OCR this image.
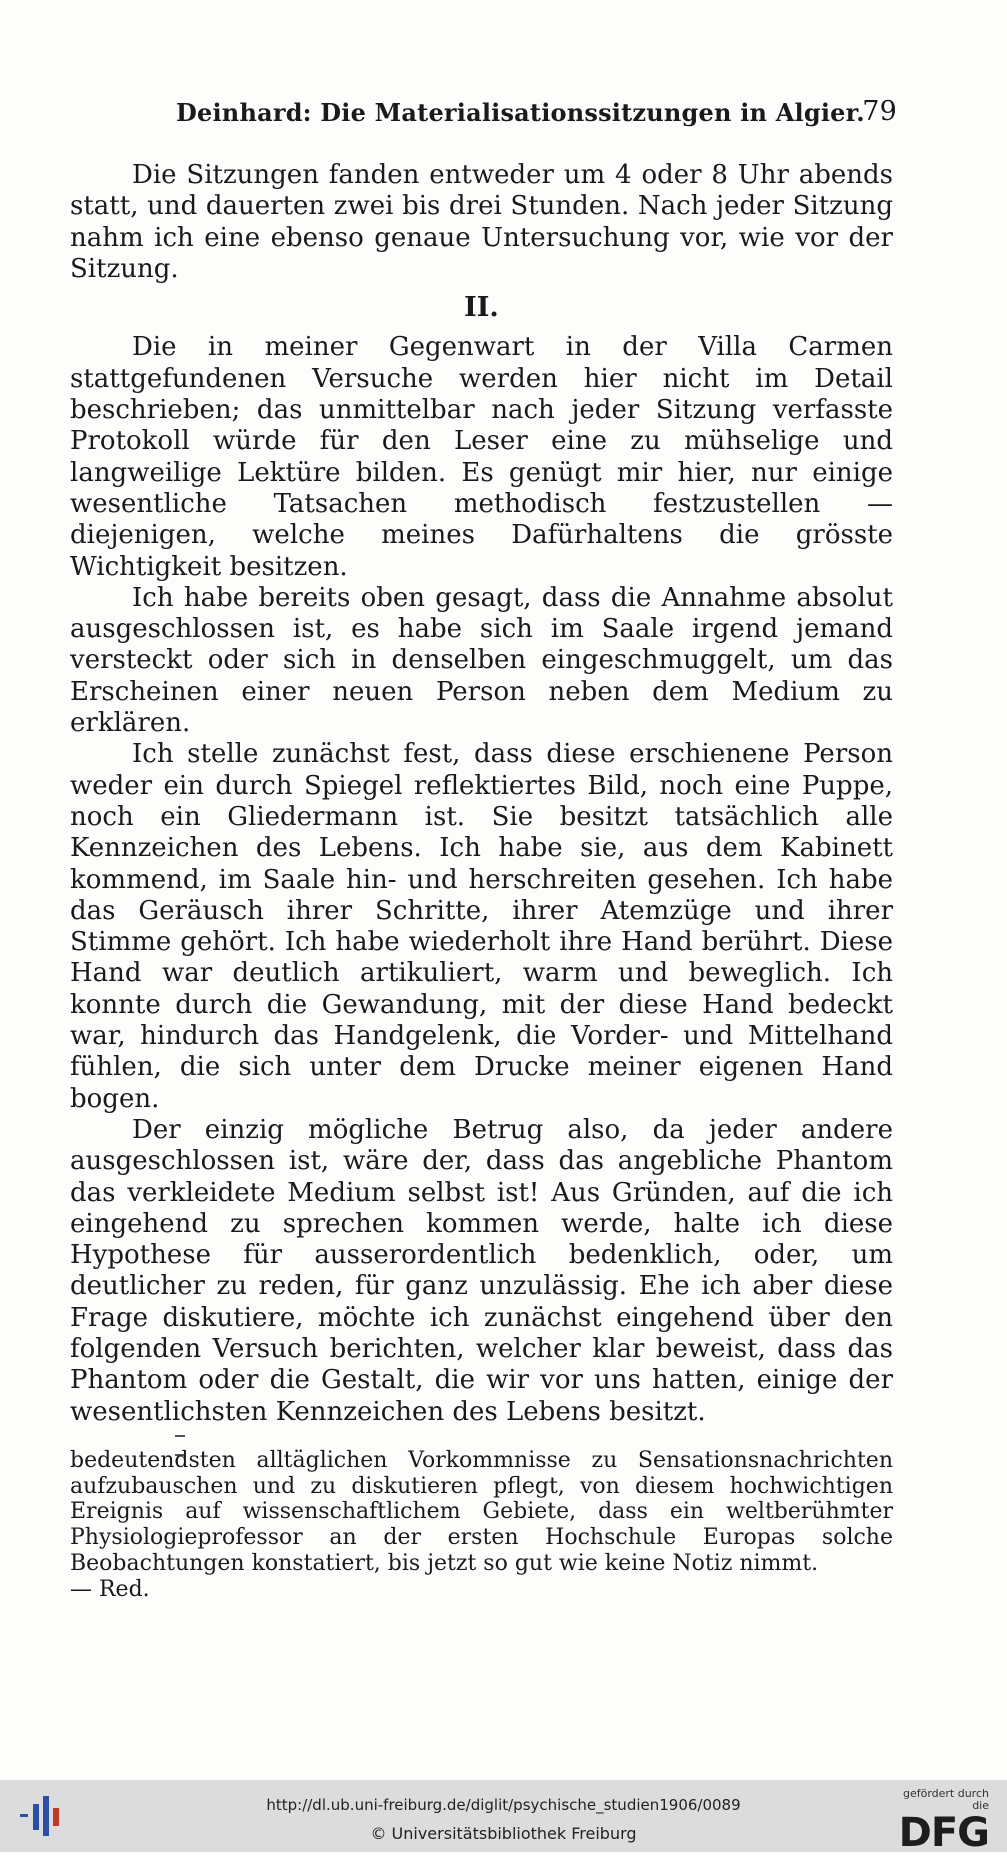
Deinhard: Die Materialisationssitzungen in Algier.
79

Die Sitzungen fanden entweder um 4 oder 8 Uhr abends statt, und dauerten zwei bis drei Stunden. Nach jeder Sitzung nahm ich eine ebenso genaue Untersuchung vor, wie vor der Sitzung.

II.

Die in meiner Gegenwart in der Villa Carmen stattgefundenen Versuche werden hier nicht im Detail beschrieben; das unmittelbar nach jeder Sitzung verfasste Protokoll würde für den Leser eine zu mühselige und langweilige Lektüre bilden. Es genügt mir hier, nur einige wesentliche Tatsachen methodisch festzustellen — diejenigen, welche meines Dafürhaltens die grösste Wichtigkeit besitzen.

Ich habe bereits oben gesagt, dass die Annahme absolut ausgeschlossen ist, es habe sich im Saale irgend jemand versteckt oder sich in denselben eingeschmuggelt, um das Erscheinen einer neuen Person neben dem Medium zu erklären.

Ich stelle zunächst fest, dass diese erschienene Person weder ein durch Spiegel reflektiertes Bild, noch eine Puppe, noch ein Gliedermann ist. Sie besitzt tatsächlich alle Kennzeichen des Lebens. Ich habe sie, aus dem Kabinett kommend, im Saale hin- und herschreiten gesehen. Ich habe das Geräusch ihrer Schritte, ihrer Atemzüge und ihrer Stimme gehört. Ich habe wiederholt ihre Hand berührt. Diese Hand war deutlich artikuliert, warm und beweglich. Ich konnte durch die Gewandung, mit der diese Hand bedeckt war, hindurch das Handgelenk, die Vorder- und Mittelhand fühlen, die sich unter dem Drucke meiner eigenen Hand bogen.

Der einzig mögliche Betrug also, da jeder andere ausgeschlossen ist, wäre der, dass das angebliche Phantom das verkleidete Medium selbst ist! Aus Gründen, auf die ich eingehend zu sprechen kommen werde, halte ich diese Hypothese für ausserordentlich bedenklich, oder, um deutlicher zu reden, für ganz unzulässig. Ehe ich aber diese Frage diskutiere, möchte ich zunächst eingehend über den folgenden Versuch berichten, welcher klar beweist, dass das Phantom oder die Gestalt, die wir vor uns hatten, einige der wesentlichsten Kennzeichen des Lebens besitzt.

bedeutendsten alltäglichen Vorkommnisse zu Sensationsnachrichten aufzubauschen und zu diskutieren pflegt, von diesem hochwichtigen Ereignis auf wissenschaftlichem Gebiete, dass ein weltberühmter Physiologieprofessor an der ersten Hochschule Europas solche Beobachtungen konstatiert, bis jetzt so gut wie keine Notiz nimmt.

— Red.

http://dl.ub.uni-freiburg.de/diglit/psychische_studien1906/0089
© Universitätsbibliothek Freiburg
gefördert durch die
DFG
